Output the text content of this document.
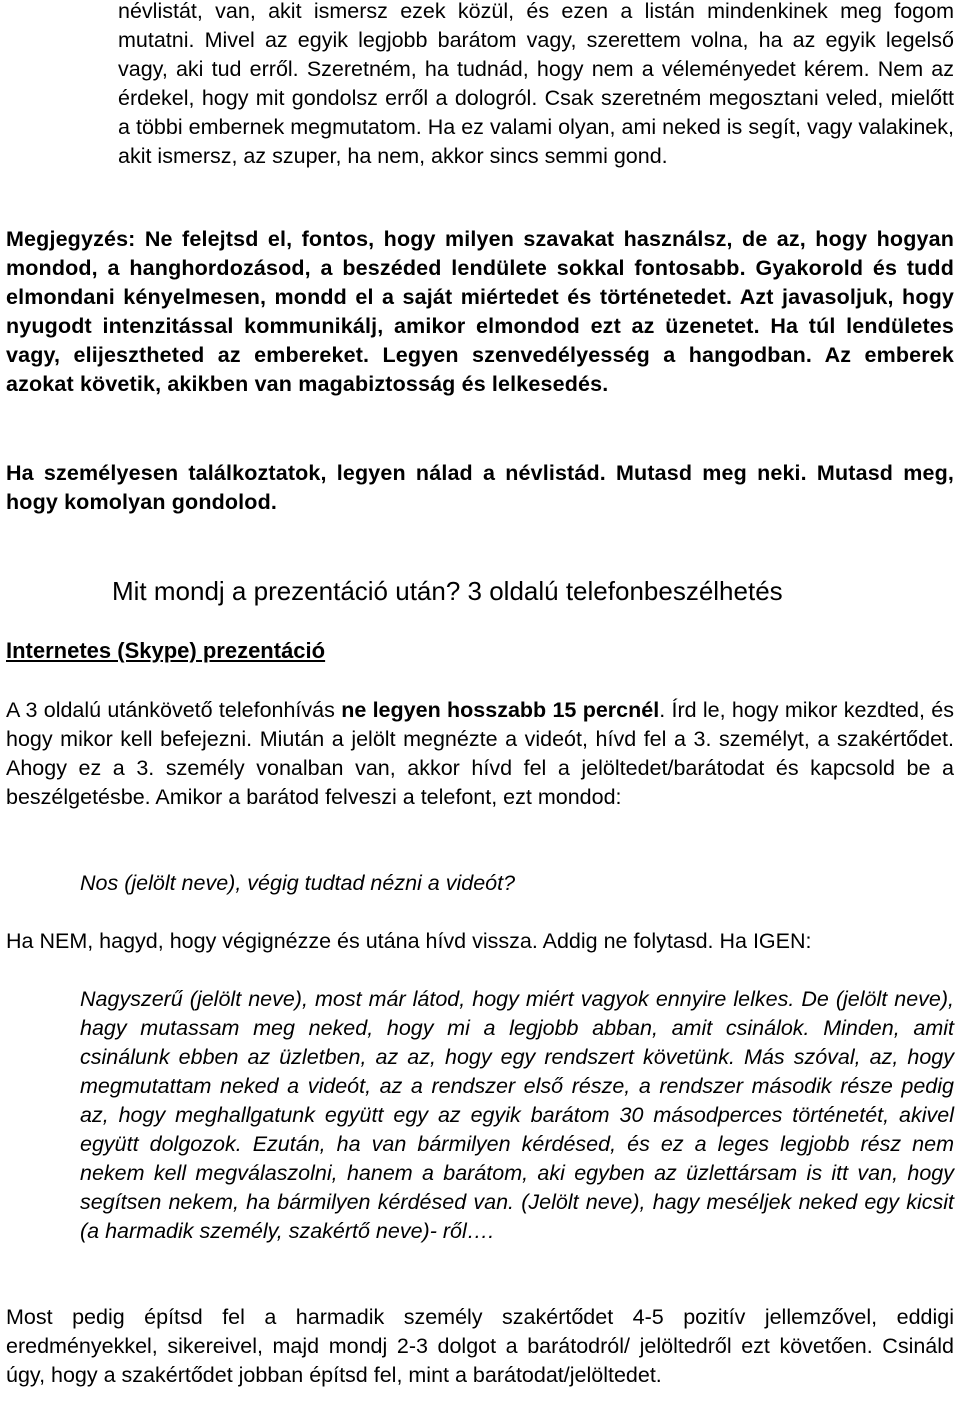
névlistát, van, akit ismersz ezek közül, és ezen a listán mindenkinek meg fogom mutatni. Mivel az egyik legjobb barátom vagy, szerettem volna, ha az egyik legelső vagy, aki tud erről. Szeretném, ha tudnád, hogy nem a véleményedet kérem. Nem az érdekel, hogy mit gondolsz erről a dologról. Csak szeretném megosztani veled, mielőtt a többi embernek megmutatom. Ha ez valami olyan, ami neked is segít, vagy valakinek, akit ismersz, az szuper, ha nem, akkor sincs semmi gond.

Megjegyzés: Ne felejtsd el, fontos, hogy milyen szavakat használsz, de az, hogy hogyan mondod, a hanghordozásod, a beszéded lendülete sokkal fontosabb. Gyakorold és tudd elmondani kényelmesen, mondd el a saját miértedet és történetedet. Azt javasoljuk, hogy nyugodt intenzitással kommunikálj, amikor elmondod ezt az üzenetet. Ha túl lendületes vagy, elijesztheted az embereket. Legyen szenvedélyesség a hangodban. Az emberek azokat követik, akikben van magabiztosság és lelkesedés.

Ha személyesen találkoztatok, legyen nálad a névlistád. Mutasd meg neki. Mutasd meg, hogy komolyan gondolod.

Mit mondj a prezentáció után? 3 oldalú telefonbeszélhetés
Internetes (Skype) prezentáció

A 3 oldalú utánkövető telefonhívás ne legyen hosszabb 15 percnél. Írd le, hogy mikor kezdted, és hogy mikor kell befejezni. Miután a jelölt megnézte a videót, hívd fel a 3. személyt, a szakértődet. Ahogy ez a 3. személy vonalban van, akkor hívd fel a jelöltedet/barátodat és kapcsold be a beszélgetésbe. Amikor a barátod felveszi a telefont, ezt mondod:

Nos (jelölt neve), végig tudtad nézni a videót?

Ha NEM, hagyd, hogy végignézze és utána hívd vissza. Addig ne folytasd. Ha IGEN:

Nagyszerű (jelölt neve), most már látod, hogy miért vagyok ennyire lelkes. De (jelölt neve), hagy mutassam meg neked, hogy mi a legjobb abban, amit csinálok. Minden, amit csinálunk ebben az üzletben, az az, hogy egy rendszert követünk. Más szóval, az, hogy megmutattam neked a videót, az a rendszer első része, a rendszer második része pedig az, hogy meghallgatunk együtt egy az egyik barátom 30 másodperces történetét, akivel együtt dolgozok. Ezután, ha van bármilyen kérdésed, és ez a leges legjobb rész nem nekem kell megválaszolni, hanem a barátom, aki egyben az üzlettársam is itt van, hogy segítsen nekem, ha bármilyen kérdésed van. (Jelölt neve), hagy meséljek neked egy kicsit (a harmadik személy, szakértő neve)- ről….

Most pedig építsd fel a harmadik személy szakértődet 4-5 pozitív jellemzővel, eddigi eredményekkel, sikereivel, majd mondj 2-3 dolgot a barátodról/ jelöltedről ezt követően. Csináld úgy, hogy a szakértődet jobban építsd fel, mint a barátodat/jelöltedet.
